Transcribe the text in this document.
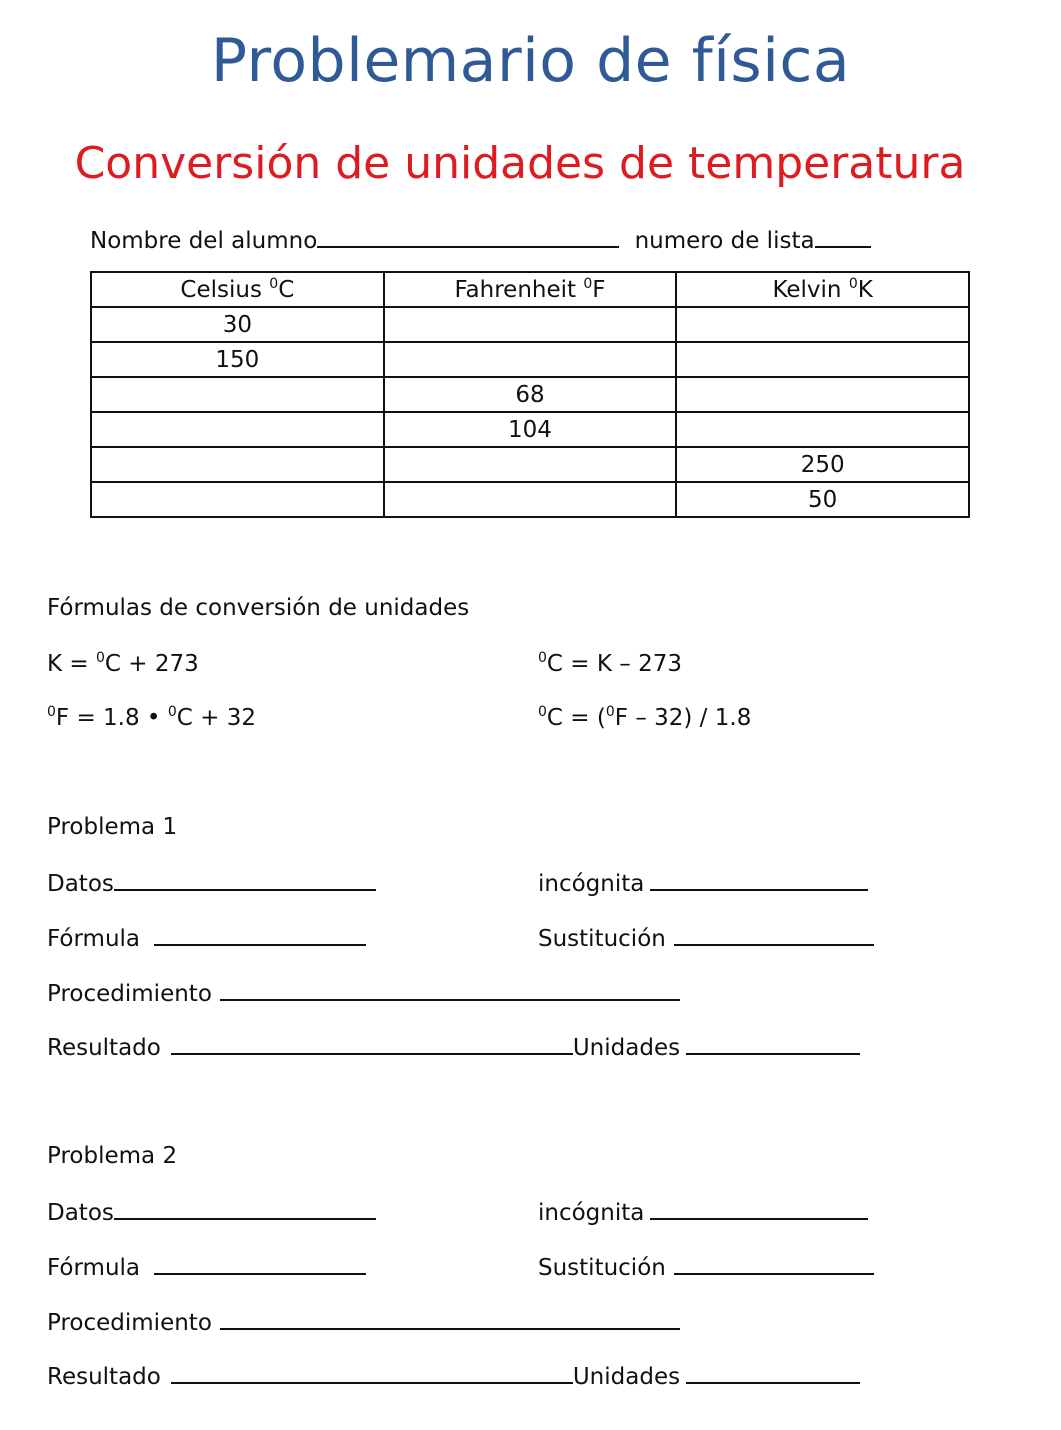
Problemario de física
Conversión de unidades de temperatura
Nombre del alumno	numero de lista
Celsius $^0$C	Fahrenheit $^0$F	Kelvin $^0$K
30		
150		
	68	
	104	
		250
		50
Fórmulas de conversión de unidades
K = $^0$C + 273	$^0$C = K – 273
$^0$F = 1.8 • $^0$C + 32	$^0$C = ($^0$F – 32) / 1.8
Problema 1
Datos	incógnita
Fórmula	Sustitución
Procedimiento
Resultado	Unidades
Problema 2
Datos	incógnita
Fórmula	Sustitución
Procedimiento
Resultado	Unidades
